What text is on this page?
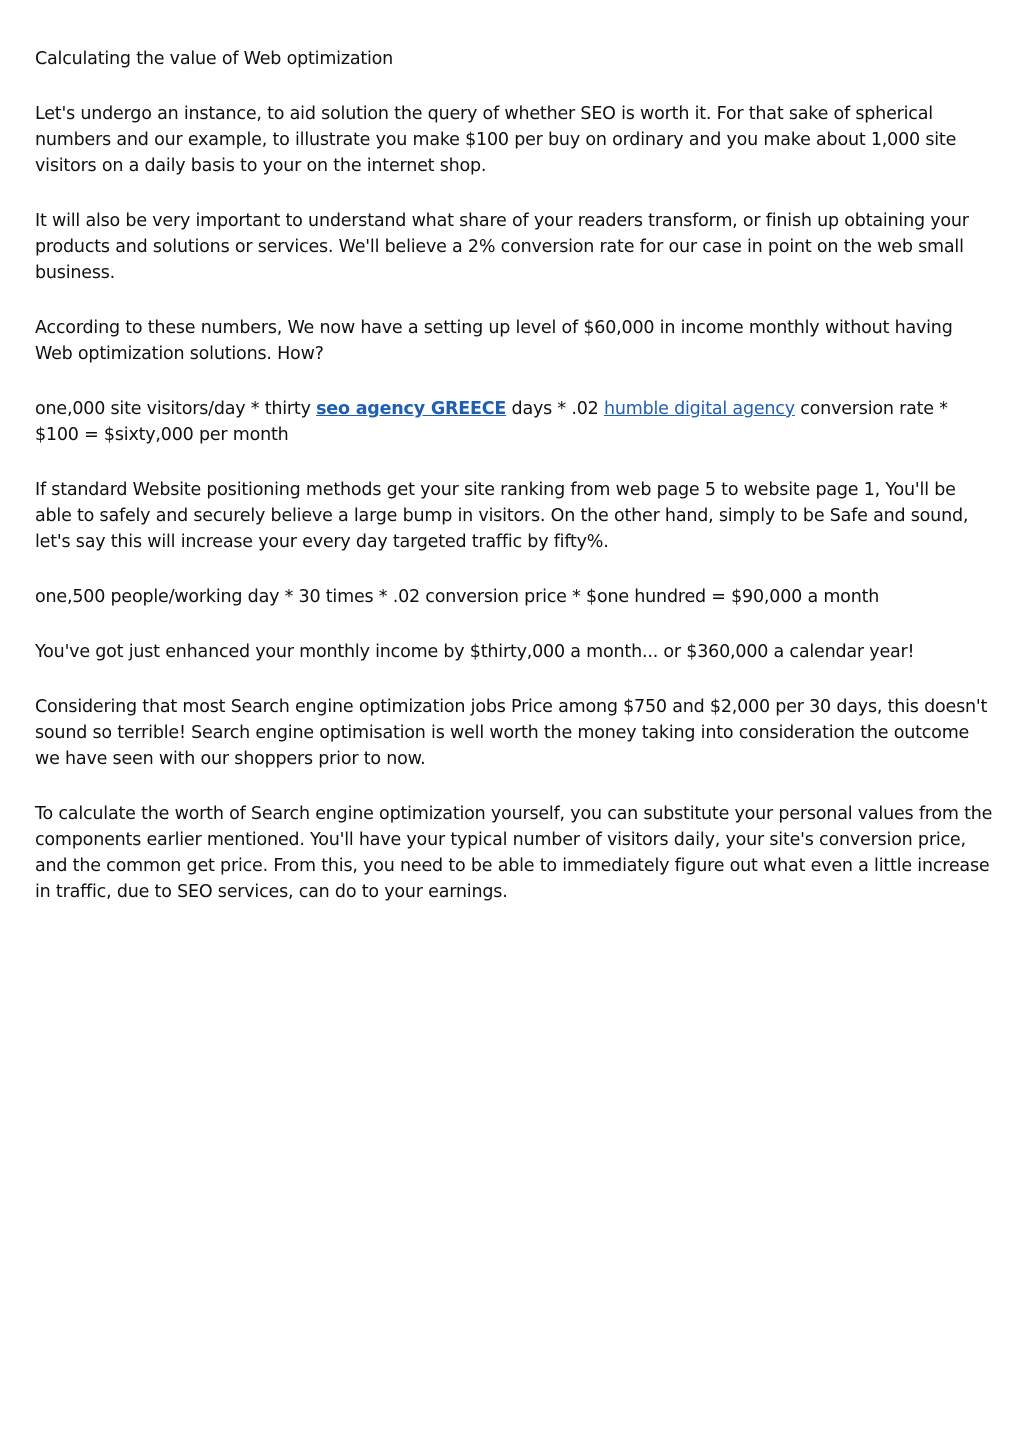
Calculating the value of Web optimization

Let's undergo an instance, to aid solution the query of whether SEO is worth it. For that sake of spherical numbers and our example, to illustrate you make $100 per buy on ordinary and you make about 1,000 site visitors on a daily basis to your on the internet shop.

It will also be very important to understand what share of your readers transform, or finish up obtaining your products and solutions or services. We'll believe a 2% conversion rate for our case in point on the web small business.

According to these numbers, We now have a setting up level of $60,000 in income monthly without having Web optimization solutions. How?

one,000 site visitors/day * thirty seo agency GREECE days * .02 humble digital agency conversion rate * $100 = $sixty,000 per month

If standard Website positioning methods get your site ranking from web page 5 to website page 1, You'll be able to safely and securely believe a large bump in visitors. On the other hand, simply to be Safe and sound, let's say this will increase your every day targeted traffic by fifty%.

one,500 people/working day * 30 times * .02 conversion price * $one hundred = $90,000 a month

You've got just enhanced your monthly income by $thirty,000 a month... or $360,000 a calendar year!

Considering that most Search engine optimization jobs Price among $750 and $2,000 per 30 days, this doesn't sound so terrible! Search engine optimisation is well worth the money taking into consideration the outcome we have seen with our shoppers prior to now.

To calculate the worth of Search engine optimization yourself, you can substitute your personal values from the components earlier mentioned. You'll have your typical number of visitors daily, your site's conversion price, and the common get price. From this, you need to be able to immediately figure out what even a little increase in traffic, due to SEO services, can do to your earnings.
